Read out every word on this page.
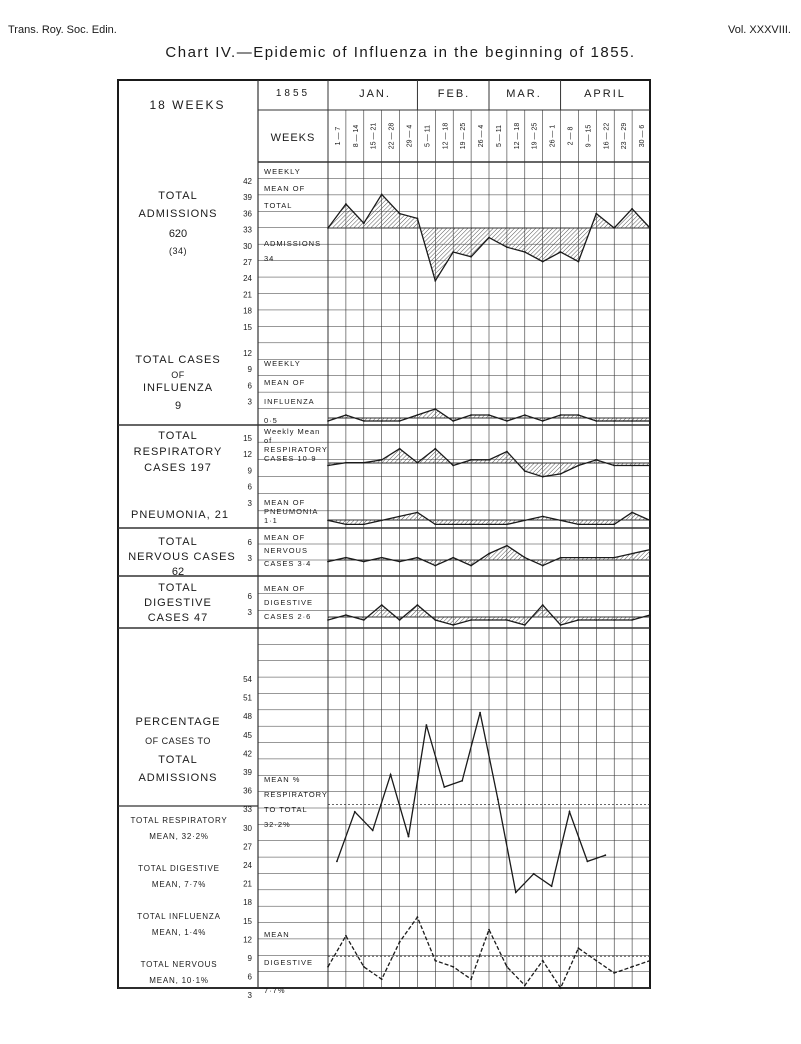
Trans. Roy. Soc. Edin.	Vol. XXXVIII.
Chart IV.—Epidemic of Influenza in the beginning of 1855.
1 — 7 8 — 14 15 — 21 22 — 28 29 — 4 5 — 11 12 — 18 19 — 25 26 — 4 5 — 11 12 — 18 19 — 25 26 — 1 2 — 8 9 — 15 16 — 22 23 — 29 30 — 6
42
39
36
33
30
27
24
21
18
15
12
9
6
3
15
12
9
6
3
6
3
6
3
54
51
48
45
42
39
36
33
30
27
24
21
18
15
12
9
6
3
WEEKLY
MEAN OF
TOTAL
ADMISSIONS
34
WEEKLY
MEAN OF
INFLUENZA
0·5
Weekly Mean
of
RESPIRATORY
CASES 10·9
MEAN OF
PNEUMONIA
1·1
MEAN OF
NERVOUS
CASES 3·4
MEAN OF
DIGESTIVE
CASES 2·6
MEAN %
RESPIRATORY
TO TOTAL
32·2%
MEAN
DIGESTIVE
7·7%
18 WEEKS
1855	JAN.	FEB.	MAR.	APRIL
WEEKS
TOTAL
ADMISSIONS
620
(34)
TOTAL CASES
OF
INFLUENZA
9
TOTAL
RESPIRATORY
CASES 197
PNEUMONIA, 21
TOTAL
NERVOUS CASES
62
TOTAL
DIGESTIVE
CASES 47
PERCENTAGE
OF CASES TO
TOTAL
ADMISSIONS
TOTAL RESPIRATORY
MEAN, 32·2%
TOTAL DIGESTIVE
MEAN, 7·7%
TOTAL INFLUENZA
MEAN, 1·4%
TOTAL NERVOUS
MEAN, 10·1%
